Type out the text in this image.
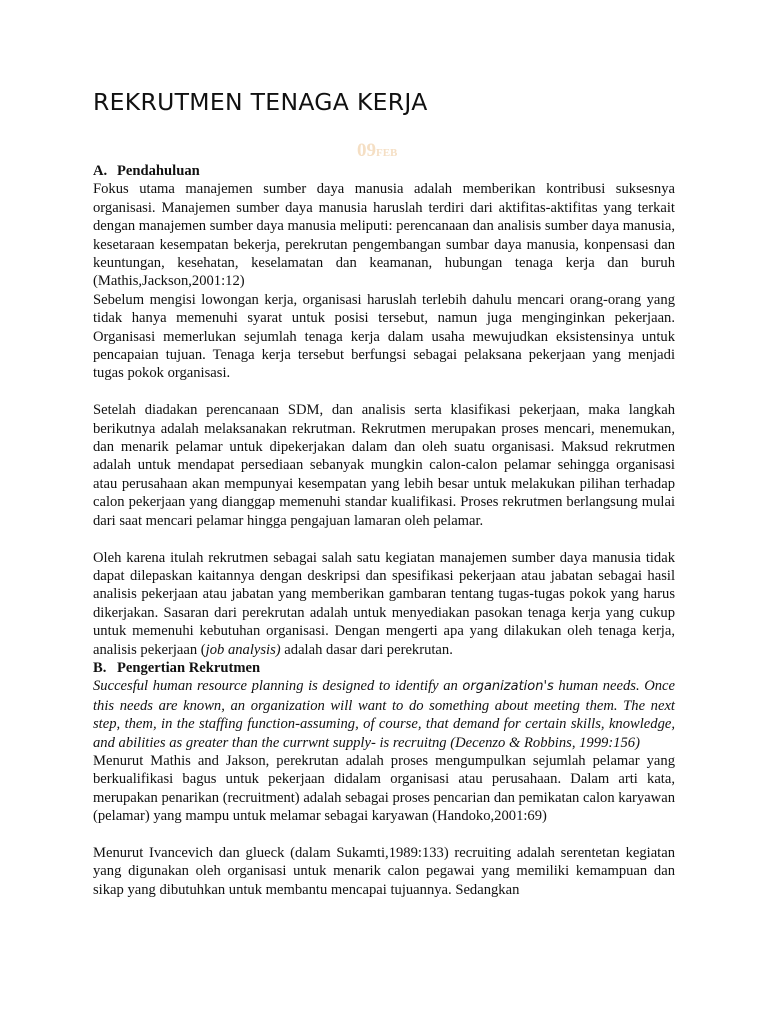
REKRUTMEN TENAGA KERJA
09FEB
A. Pendahuluan

Fokus utama manajemen sumber daya manusia adalah memberikan kontribusi suksesnya organisasi. Manajemen sumber daya manusia haruslah terdiri dari aktifitas-aktifitas yang terkait dengan manajemen sumber daya manusia meliputi: perencanaan dan analisis sumber daya manusia, kesetaraan kesempatan bekerja, perekrutan pengembangan sumbar daya manusia, konpensasi dan keuntungan, kesehatan, keselamatan dan keamanan, hubungan tenaga kerja dan buruh (Mathis,Jackson,2001:12)

Sebelum mengisi lowongan kerja, organisasi haruslah terlebih dahulu mencari orang-orang yang tidak hanya memenuhi syarat untuk posisi tersebut, namun juga menginginkan pekerjaan. Organisasi memerlukan sejumlah tenaga kerja dalam usaha mewujudkan eksistensinya untuk pencapaian tujuan. Tenaga kerja tersebut berfungsi sebagai pelaksana pekerjaan yang menjadi tugas pokok organisasi.

Setelah diadakan perencanaan SDM, dan analisis serta klasifikasi pekerjaan, maka langkah berikutnya adalah melaksanakan rekrutman. Rekrutmen merupakan proses mencari, menemukan, dan menarik pelamar untuk dipekerjakan dalam dan oleh suatu organisasi. Maksud rekrutmen adalah untuk mendapat persediaan sebanyak mungkin calon-calon pelamar sehingga organisasi atau perusahaan akan mempunyai kesempatan yang lebih besar untuk melakukan pilihan terhadap calon pekerjaan yang dianggap memenuhi standar kualifikasi. Proses rekrutmen berlangsung mulai dari saat mencari pelamar hingga pengajuan lamaran oleh pelamar.

Oleh karena itulah rekrutmen sebagai salah satu kegiatan manajemen sumber daya manusia tidak dapat dilepaskan kaitannya dengan deskripsi dan spesifikasi pekerjaan atau jabatan sebagai hasil analisis pekerjaan atau jabatan yang memberikan gambaran tentang tugas-tugas pokok yang harus dikerjakan. Sasaran dari perekrutan adalah untuk menyediakan pasokan tenaga kerja yang cukup untuk memenuhi kebutuhan organisasi. Dengan mengerti apa yang dilakukan oleh tenaga kerja, analisis pekerjaan (job analysis) adalah dasar dari perekrutan.

B. Pengertian Rekrutmen

Succesful human resource planning is designed to identify an organization's human needs. Once this needs are known, an organization will want to do something about meeting them. The next step, them, in the staffing function-assuming, of course, that demand for certain skills, knowledge, and abilities as greater than the currwnt supply- is recruitng (Decenzo & Robbins, 1999:156)

Menurut Mathis and Jakson, perekrutan adalah proses mengumpulkan sejumlah pelamar yang berkualifikasi bagus untuk pekerjaan didalam organisasi atau perusahaan. Dalam arti kata, merupakan penarikan (recruitment) adalah sebagai proses pencarian dan pemikatan calon karyawan (pelamar) yang mampu untuk melamar sebagai karyawan (Handoko,2001:69)

Menurut Ivancevich dan glueck (dalam Sukamti,1989:133) recruiting adalah serentetan kegiatan yang digunakan oleh organisasi untuk menarik calon pegawai yang memiliki kemampuan dan sikap yang dibutuhkan untuk membantu mencapai tujuannya. Sedangkan
